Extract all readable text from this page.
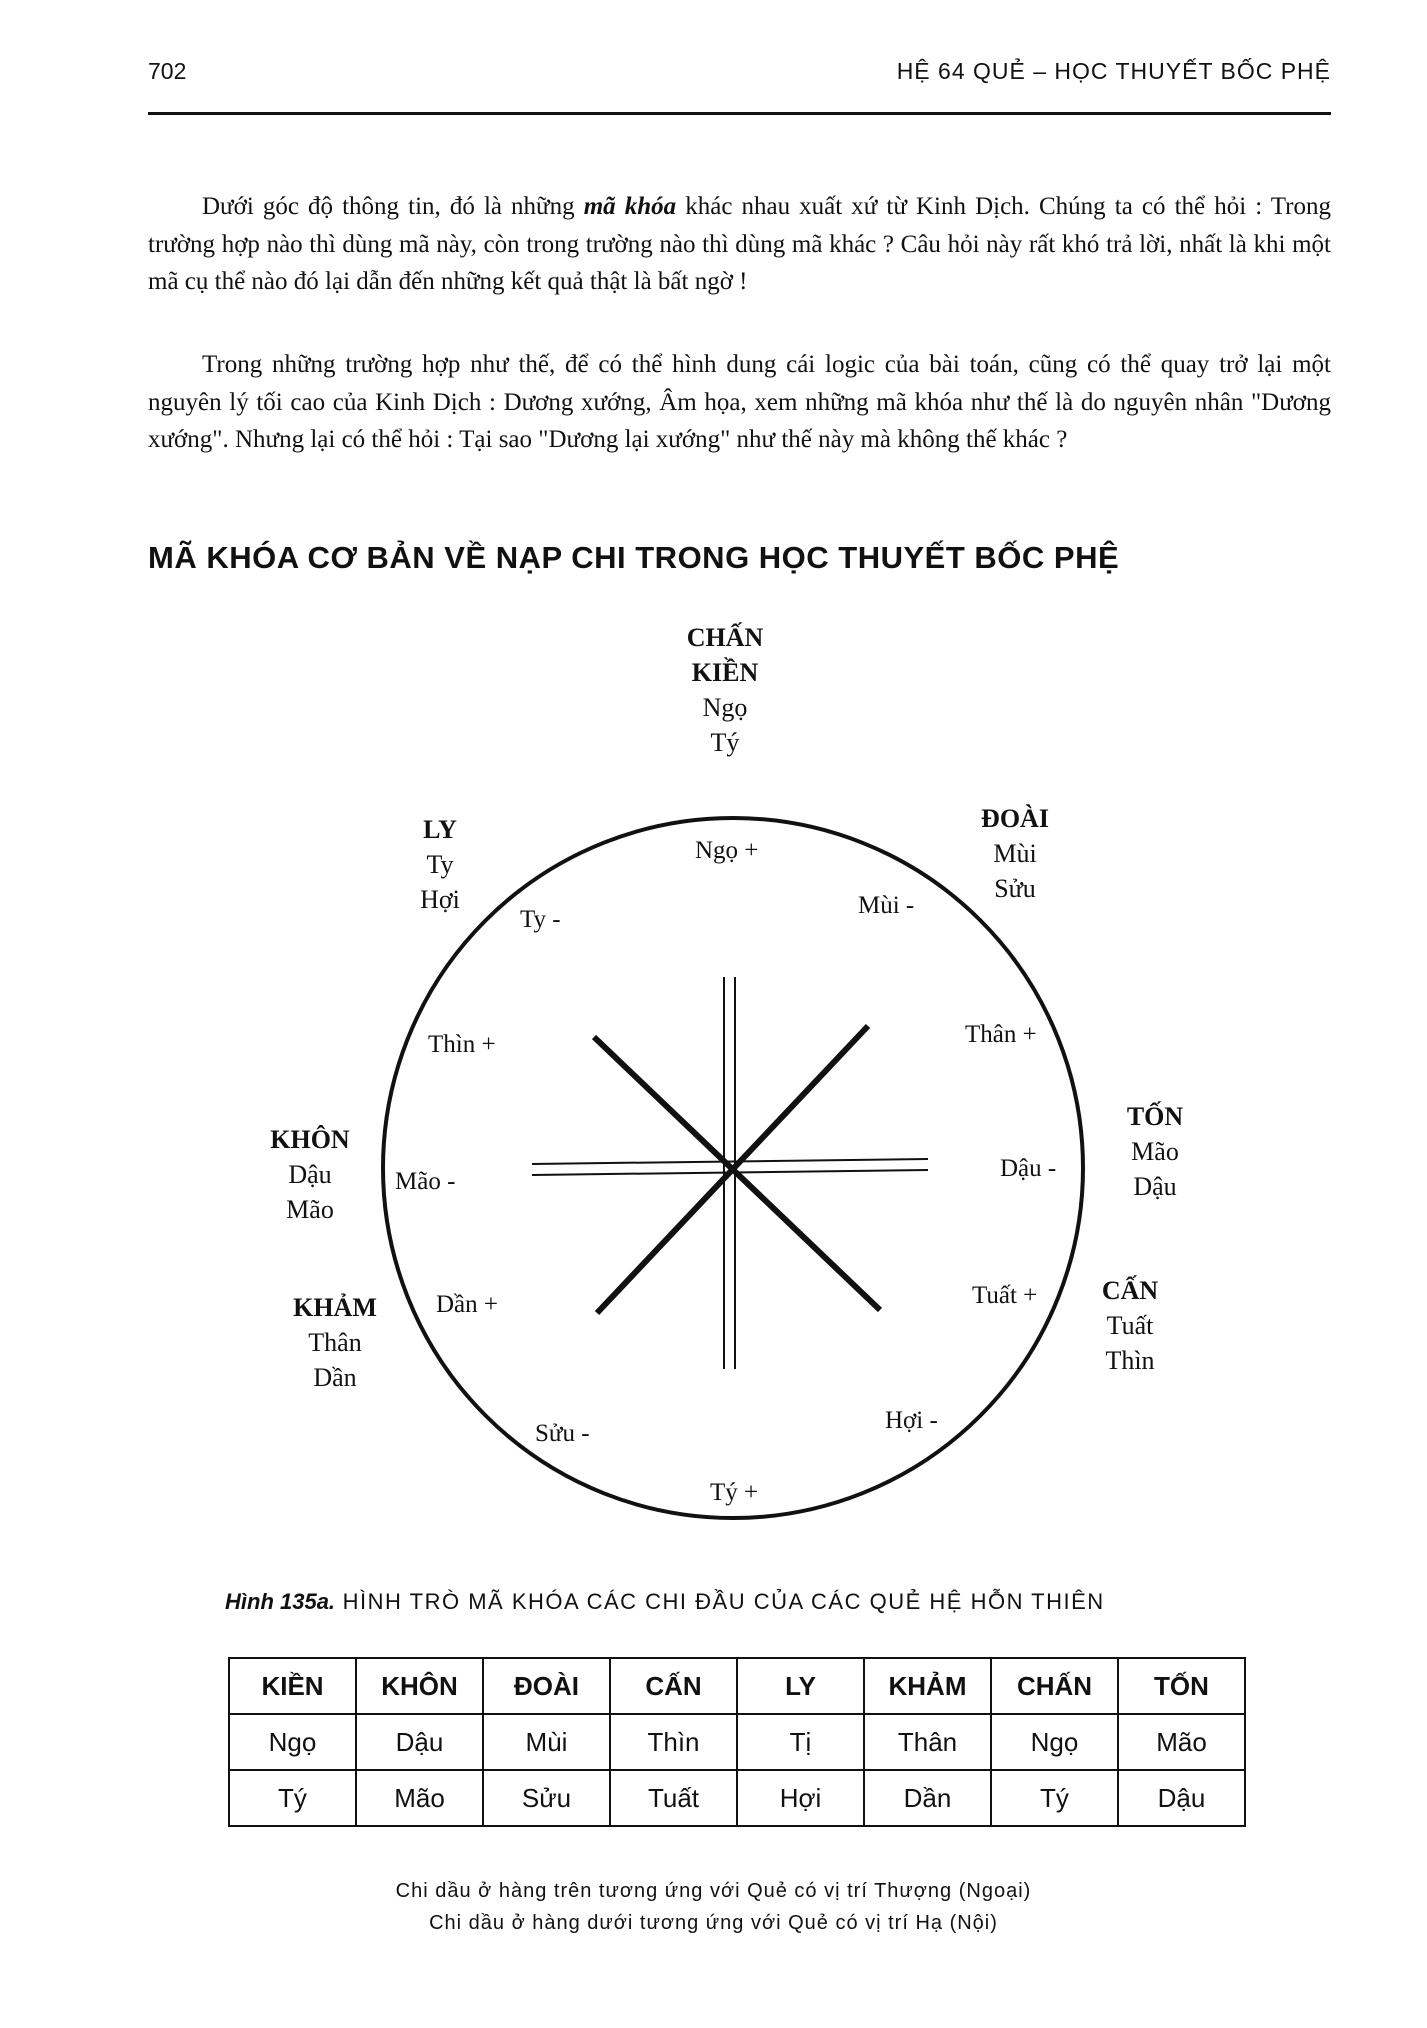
702	HỆ 64 QUẺ – HỌC THUYẾT BỐC PHỆ
Dưới góc độ thông tin, đó là những mã khóa khác nhau xuất xứ từ Kinh Dịch. Chúng ta có thể hỏi : Trong trường hợp nào thì dùng mã này, còn trong trường nào thì dùng mã khác ? Câu hỏi này rất khó trả lời, nhất là khi một mã cụ thể nào đó lại dẫn đến những kết quả thật là bất ngờ !
Trong những trường hợp như thế, để có thể hình dung cái logic của bài toán, cũng có thể quay trở lại một nguyên lý tối cao của Kinh Dịch : Dương xướng, Âm họa, xem những mã khóa như thế là do nguyên nhân "Dương xướng". Nhưng lại có thể hỏi : Tại sao "Dương lại xướng" như thế này mà không thế khác ?
MÃ KHÓA CƠ BẢN VỀ NẠP CHI TRONG HỌC THUYẾT BỐC PHỆ
CHẤN
KIỀN
Ngọ
Tý
ĐOÀI
Mùi
Sửu
LY
Ty
Hợi
TỐN
Mão
Dậu
KHÔN
Dậu
Mão
CẤN
Tuất
Thìn
KHẢM
Thân
Dần
Ngọ +
Mùi -
Ty -
Thân +
Thìn +
Dậu -
Mão -
Tuất +
Dần +
Hợi -
Sửu -
Tý +
Hình 135a. HÌNH TRÒ MÃ KHÓA CÁC CHI ĐẦU CỦA CÁC QUẺ HỆ HỖN THIÊN
KIỀN	KHÔN	ĐOÀI	CẤN	LY	KHẢM	CHẤN	TỐN
Ngọ	Dậu	Mùi	Thìn	Tị	Thân	Ngọ	Mão
Tý	Mão	Sửu	Tuất	Hợi	Dần	Tý	Dậu
Chi dầu ở hàng trên tương ứng với Quẻ có vị trí Thượng (Ngoại)
Chi dầu ở hàng dưới tương ứng với Quẻ có vị trí Hạ (Nội)
